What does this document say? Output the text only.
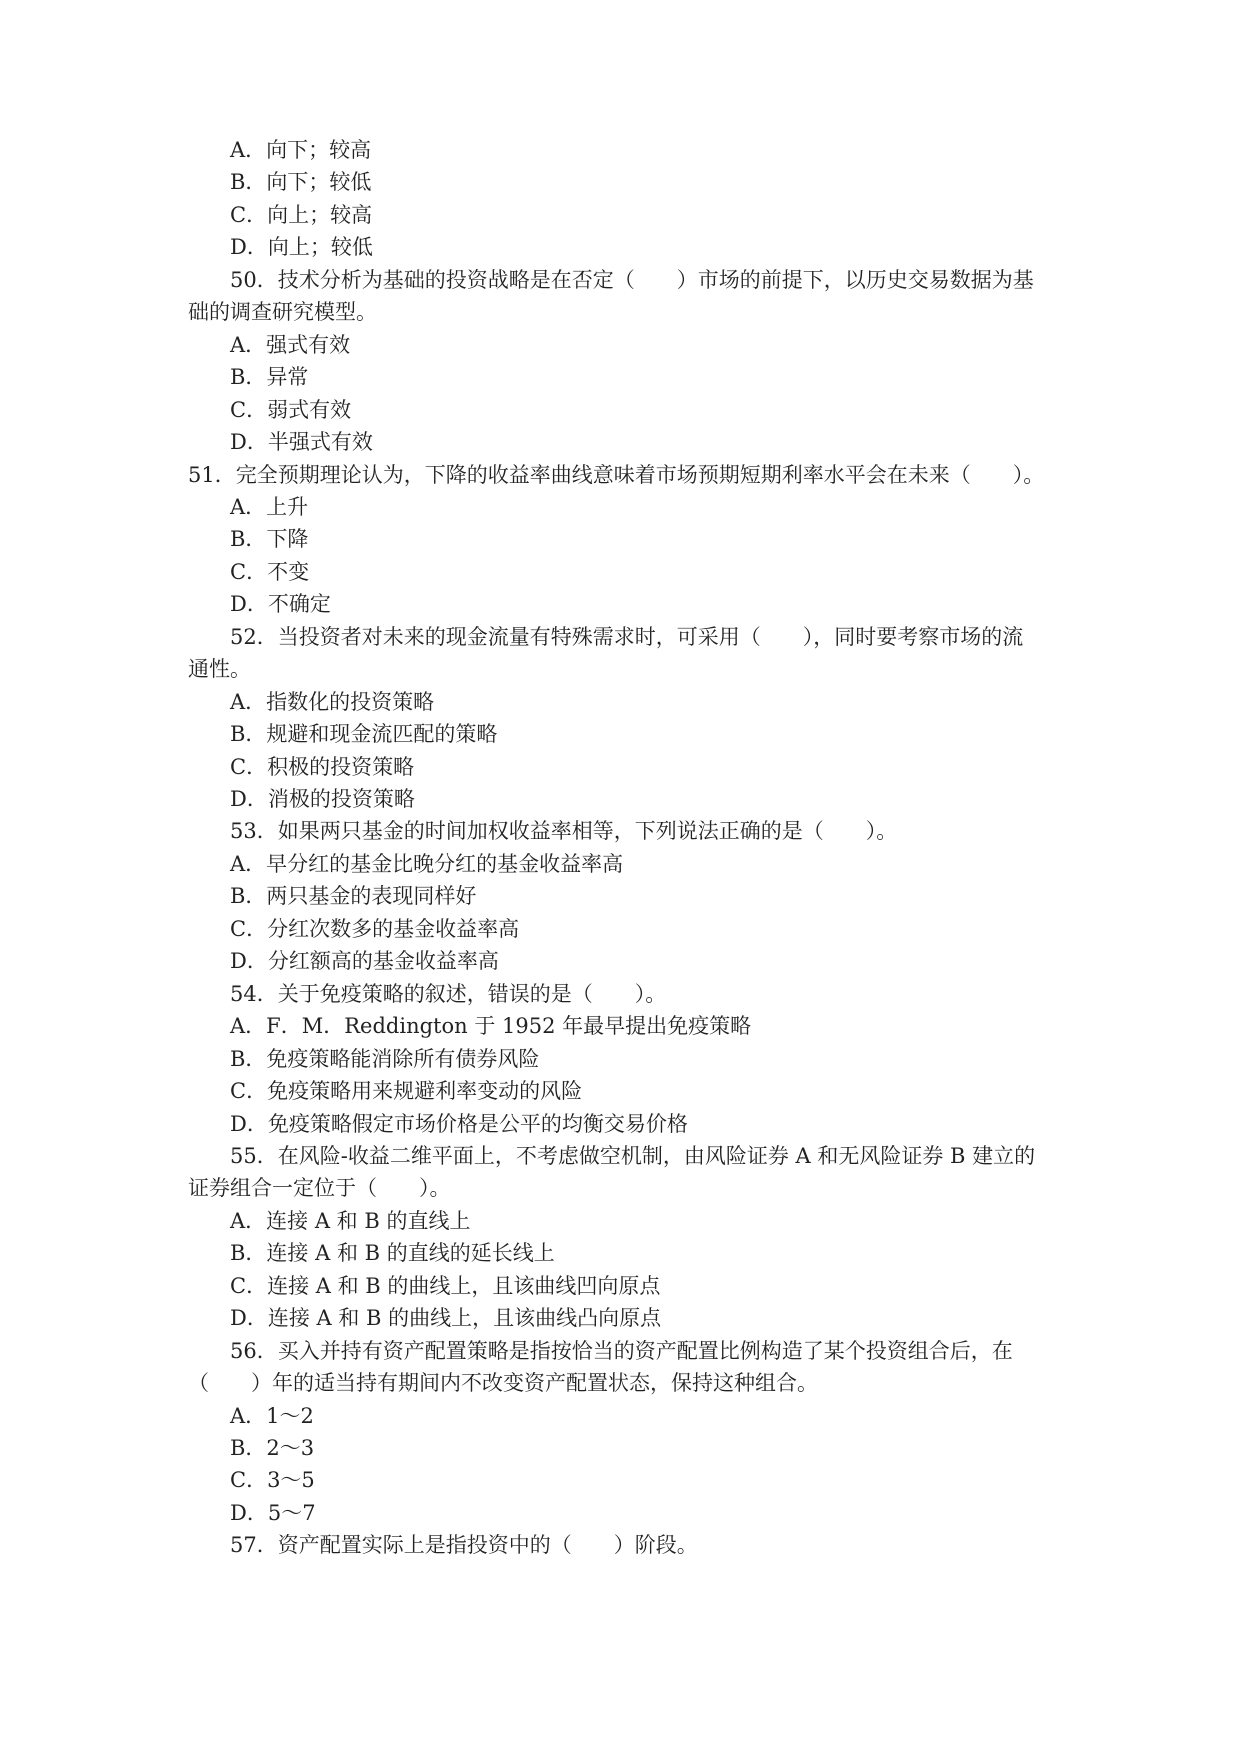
A．向下；较高
B．向下；较低
C．向上；较高
D．向上；较低
50．技术分析为基础的投资战略是在否定（　　）市场的前提下，以历史交易数据为基
础的调查研究模型。
A．强式有效
B．异常
C．弱式有效
D．半强式有效
51．完全预期理论认为，下降的收益率曲线意味着市场预期短期利率水平会在未来（　　）。
A．上升
B．下降
C．不变
D．不确定
52．当投资者对未来的现金流量有特殊需求时，可采用（　　），同时要考察市场的流
通性。
A．指数化的投资策略
B．规避和现金流匹配的策略
C．积极的投资策略
D．消极的投资策略
53．如果两只基金的时间加权收益率相等，下列说法正确的是（　　）。
A．早分红的基金比晚分红的基金收益率高
B．两只基金的表现同样好
C．分红次数多的基金收益率高
D．分红额高的基金收益率高
54．关于免疫策略的叙述，错误的是（　　）。
A．F．M．Reddington 于 1952 年最早提出免疫策略
B．免疫策略能消除所有债券风险
C．免疫策略用来规避利率变动的风险
D．免疫策略假定市场价格是公平的均衡交易价格
55．在风险-收益二维平面上，不考虑做空机制，由风险证券 A 和无风险证券 B 建立的
证券组合一定位于（　　）。
A．连接 A 和 B 的直线上
B．连接 A 和 B 的直线的延长线上
C．连接 A 和 B 的曲线上，且该曲线凹向原点
D．连接 A 和 B 的曲线上，且该曲线凸向原点
56．买入并持有资产配置策略是指按恰当的资产配置比例构造了某个投资组合后，在
（　　）年的适当持有期间内不改变资产配置状态，保持这种组合。
A．1～2
B．2～3
C．3～5
D．5～7
57．资产配置实际上是指投资中的（　　）阶段。
